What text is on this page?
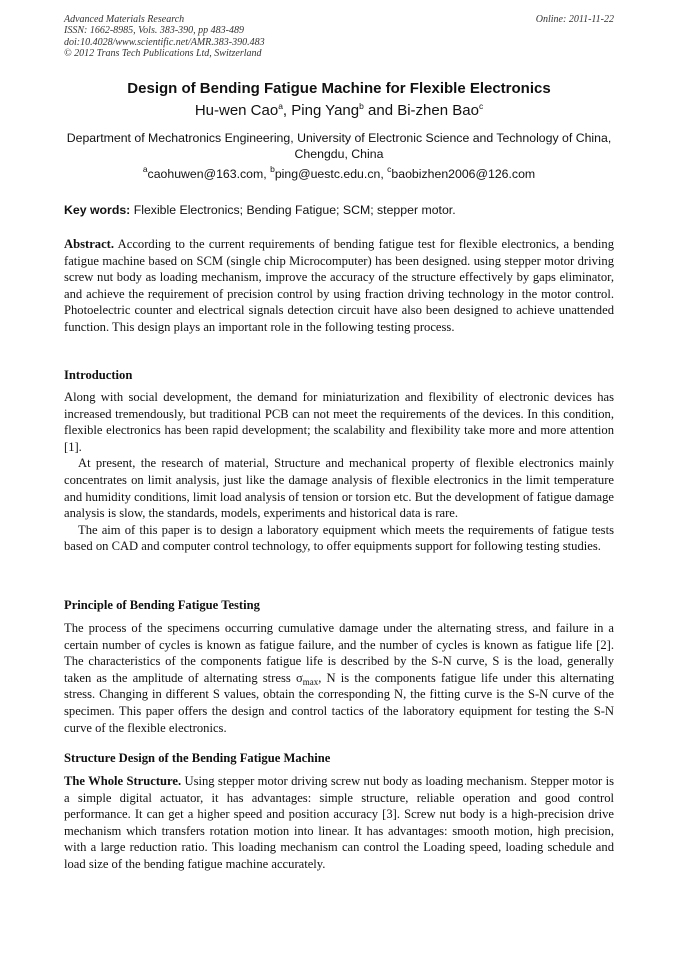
Advanced Materials Research
ISSN: 1662-8985, Vols. 383-390, pp 483-489
doi:10.4028/www.scientific.net/AMR.383-390.483
© 2012 Trans Tech Publications Ltd, Switzerland
Online: 2011-11-22
Design of Bending Fatigue Machine for Flexible Electronics
Hu-wen Cao$^a$, Ping Yang$^b$ and Bi-zhen Bao$^c$
Department of Mechatronics Engineering, University of Electronic Science and Technology of China, Chengdu, China
$^a$caohuwen@163.com, $^b$ping@uestc.edu.cn, $^c$baobizhen2006@126.com
Key words: Flexible Electronics; Bending Fatigue; SCM; stepper motor.

Abstract. According to the current requirements of bending fatigue test for flexible electronics, a bending fatigue machine based on SCM (single chip Microcomputer) has been designed. using stepper motor driving screw nut body as loading mechanism, improve the accuracy of the structure effectively by gaps eliminator, and achieve the requirement of precision control by using fraction driving technology in the motor control. Photoelectric counter and electrical signals detection circuit have also been designed to achieve unattended function. This design plays an important role in the following testing process.

Introduction

Along with social development, the demand for miniaturization and flexibility of electronic devices has increased tremendously, but traditional PCB can not meet the requirements of the devices. In this condition, flexible electronics has been rapid development; the scalability and flexibility take more and more attention [1].

At present, the research of material, Structure and mechanical property of flexible electronics mainly concentrates on limit analysis, just like the damage analysis of flexible electronics in the limit temperature and humidity conditions, limit load analysis of tension or torsion etc. But the development of fatigue damage analysis is slow, the standards, models, experiments and historical data is rare.

The aim of this paper is to design a laboratory equipment which meets the requirements of fatigue tests based on CAD and computer control technology, to offer equipments support for following testing studies.

Principle of Bending Fatigue Testing

The process of the specimens occurring cumulative damage under the alternating stress, and failure in a certain number of cycles is known as fatigue failure, and the number of cycles is known as fatigue life [2]. The characteristics of the components fatigue life is described by the S-N curve, S is the load, generally taken as the amplitude of alternating stress $\sigma_{max}$, N is the components fatigue life under this alternating stress. Changing in different S values, obtain the corresponding N, the fitting curve is the S-N curve of the specimen. This paper offers the design and control tactics of the laboratory equipment for testing the S-N curve of the flexible electronics.

Structure Design of the Bending Fatigue Machine

The Whole Structure. Using stepper motor driving screw nut body as loading mechanism. Stepper motor is a simple digital actuator, it has advantages: simple structure, reliable operation and good control performance. It can get a higher speed and position accuracy [3]. Screw nut body is a high-precision drive mechanism which transfers rotation motion into linear. It has advantages: smooth motion, high precision, with a large reduction ratio. This loading mechanism can control the Loading speed, loading schedule and load size of the bending fatigue machine accurately.
